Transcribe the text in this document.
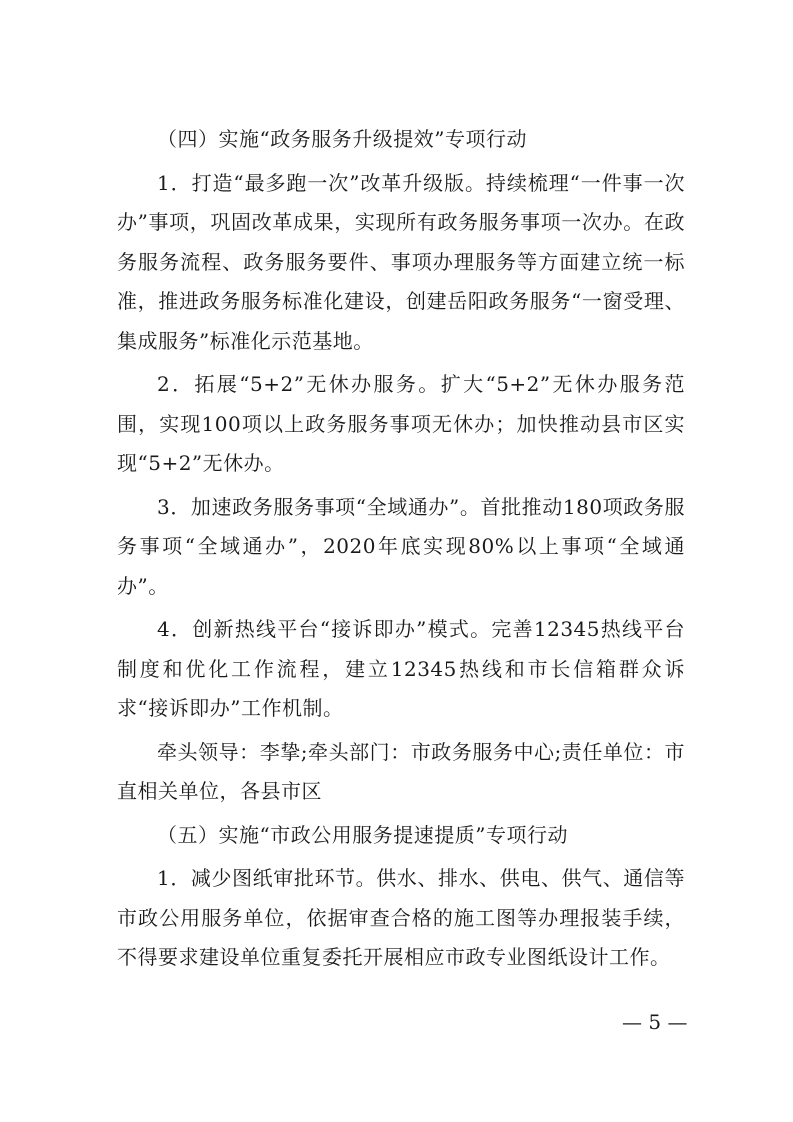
（四）实施“政务服务升级提效”专项行动

1．打造“最多跑一次”改革升级版。持续梳理“一件事一次办”事项，巩固改革成果，实现所有政务服务事项一次办。在政务服务流程、政务服务要件、事项办理服务等方面建立统一标准，推进政务服务标准化建设，创建岳阳政务服务“一窗受理、集成服务”标准化示范基地。

2．拓展“5+2”无休办服务。扩大“5+2”无休办服务范围，实现100项以上政务服务事项无休办；加快推动县市区实现“5+2”无休办。

3．加速政务服务事项“全域通办”。首批推动180项政务服务事项“全域通办”，2020年底实现80%以上事项“全域通办”。

4．创新热线平台“接诉即办”模式。完善12345热线平台制度和优化工作流程，建立12345热线和市长信箱群众诉求“接诉即办”工作机制。

牵头领导：李挚;牵头部门：市政务服务中心;责任单位：市直相关单位，各县市区

（五）实施“市政公用服务提速提质”专项行动

1．减少图纸审批环节。供水、排水、供电、供气、通信等市政公用服务单位，依据审查合格的施工图等办理报装手续，不得要求建设单位重复委托开展相应市政专业图纸设计工作。

— 5 —
